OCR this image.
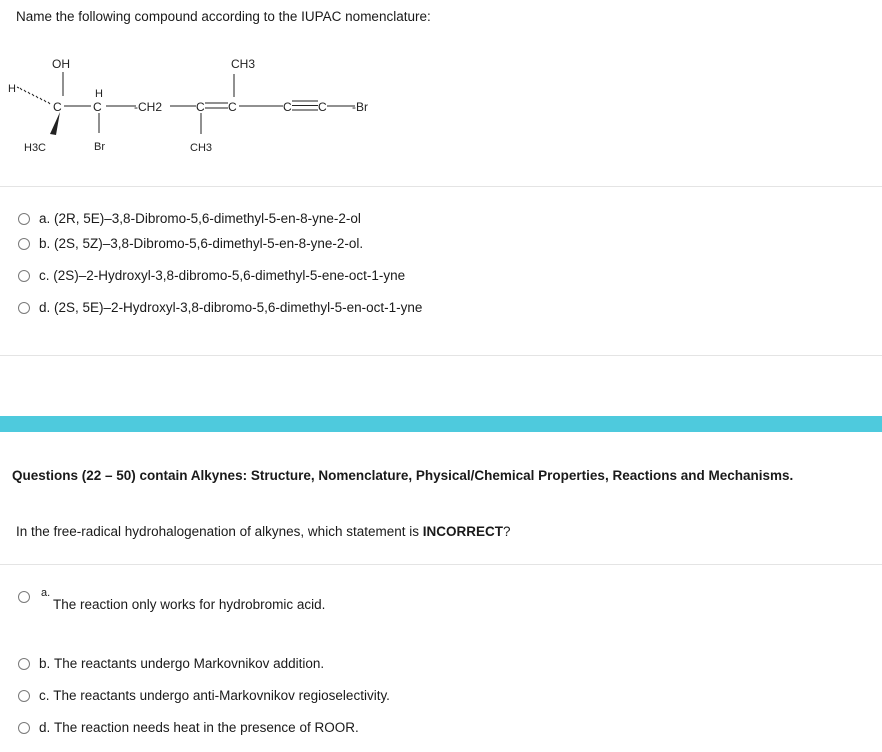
Name the following compound according to the IUPAC nomenclature:
OH
H
C
H3C
H
C
Br
-CH2	C C
CH3
CH3
C C -Br
a.
(2R, 5E)–3,8-Dibromo-5,6-dimethyl-5-en-8-yne-2-ol
b.
(2S, 5Z)–3,8-Dibromo-5,6-dimethyl-5-en-8-yne-2-ol.
c.
(2S)–2-Hydroxyl-3,8-dibromo-5,6-dimethyl-5-ene-oct-1-yne
d.
(2S, 5E)–2-Hydroxyl-3,8-dibromo-5,6-dimethyl-5-en-oct-1-yne
Questions (22 – 50) contain Alkynes: Structure, Nomenclature, Physical/Chemical Properties, Reactions and Mechanisms.
In the free-radical hydrohalogenation of alkynes, which statement is INCORRECT?
a.
The reaction only works for hydrobromic acid.
b.
The reactants undergo Markovnikov addition.
c.
The reactants undergo anti-Markovnikov regioselectivity.
d.
The reaction needs heat in the presence of ROOR.
